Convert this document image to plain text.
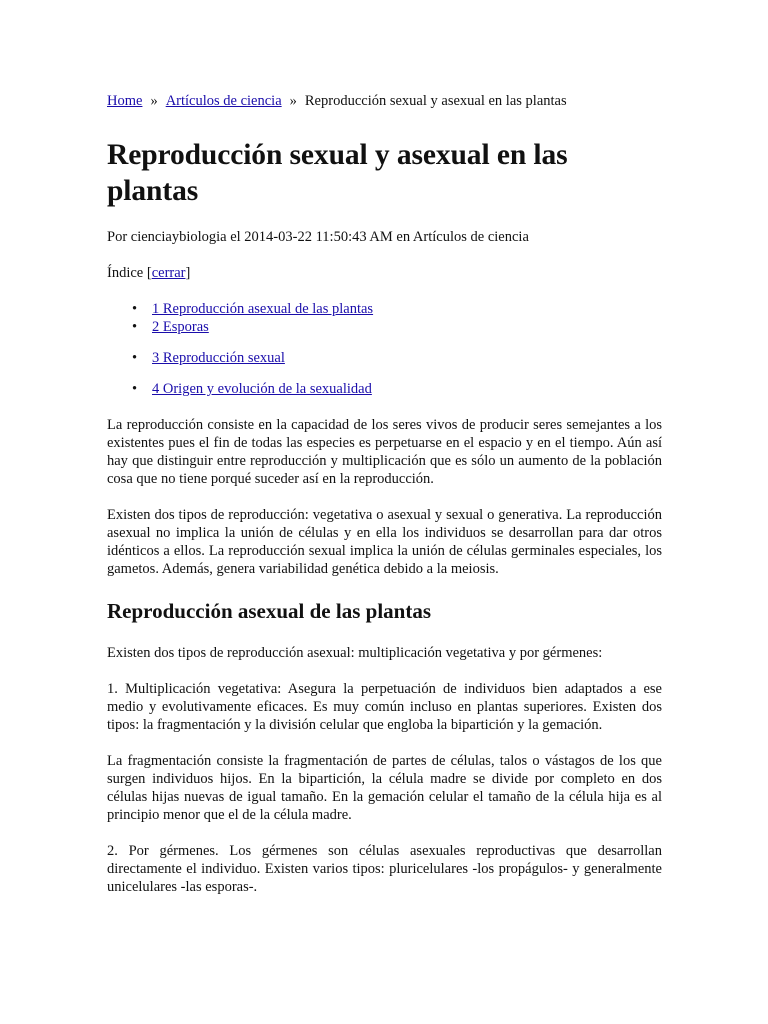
Home » Artículos de ciencia » Reproducción sexual y asexual en las plantas
Reproducción sexual y asexual en las plantas
Por cienciaybiologia el 2014-03-22 11:50:43 AM en Artículos de ciencia
Índice [cerrar]
• 1 Reproducción asexual de las plantas
• 2 Esporas
• 3 Reproducción sexual
• 4 Origen y evolución de la sexualidad

La reproducción consiste en la capacidad de los seres vivos de producir seres semejantes a los existentes pues el fin de todas las especies es perpetuarse en el espacio y en el tiempo. Aún así hay que distinguir entre reproducción y multiplicación que es sólo un aumento de la población cosa que no tiene porqué suceder así en la reproducción.

Existen dos tipos de reproducción: vegetativa o asexual y sexual o generativa. La reproducción asexual no implica la unión de células y en ella los individuos se desarrollan para dar otros idénticos a ellos. La reproducción sexual implica la unión de células germinales especiales, los gametos. Además, genera variabilidad genética debido a la meiosis.

Reproducción asexual de las plantas

Existen dos tipos de reproducción asexual: multiplicación vegetativa y por gérmenes:

1. Multiplicación vegetativa: Asegura la perpetuación de individuos bien adaptados a ese medio y evolutivamente eficaces. Es muy común incluso en plantas superiores. Existen dos tipos: la fragmentación y la división celular que engloba la bipartición y la gemación.

La fragmentación consiste la fragmentación de partes de células, talos o vástagos de los que surgen individuos hijos. En la bipartición, la célula madre se divide por completo en dos células hijas nuevas de igual tamaño. En la gemación celular el tamaño de la célula hija es al principio menor que el de la célula madre.

2. Por gérmenes. Los gérmenes son células asexuales reproductivas que desarrollan directamente el individuo. Existen varios tipos: pluricelulares -los propágulos- y generalmente unicelulares -las esporas-.
